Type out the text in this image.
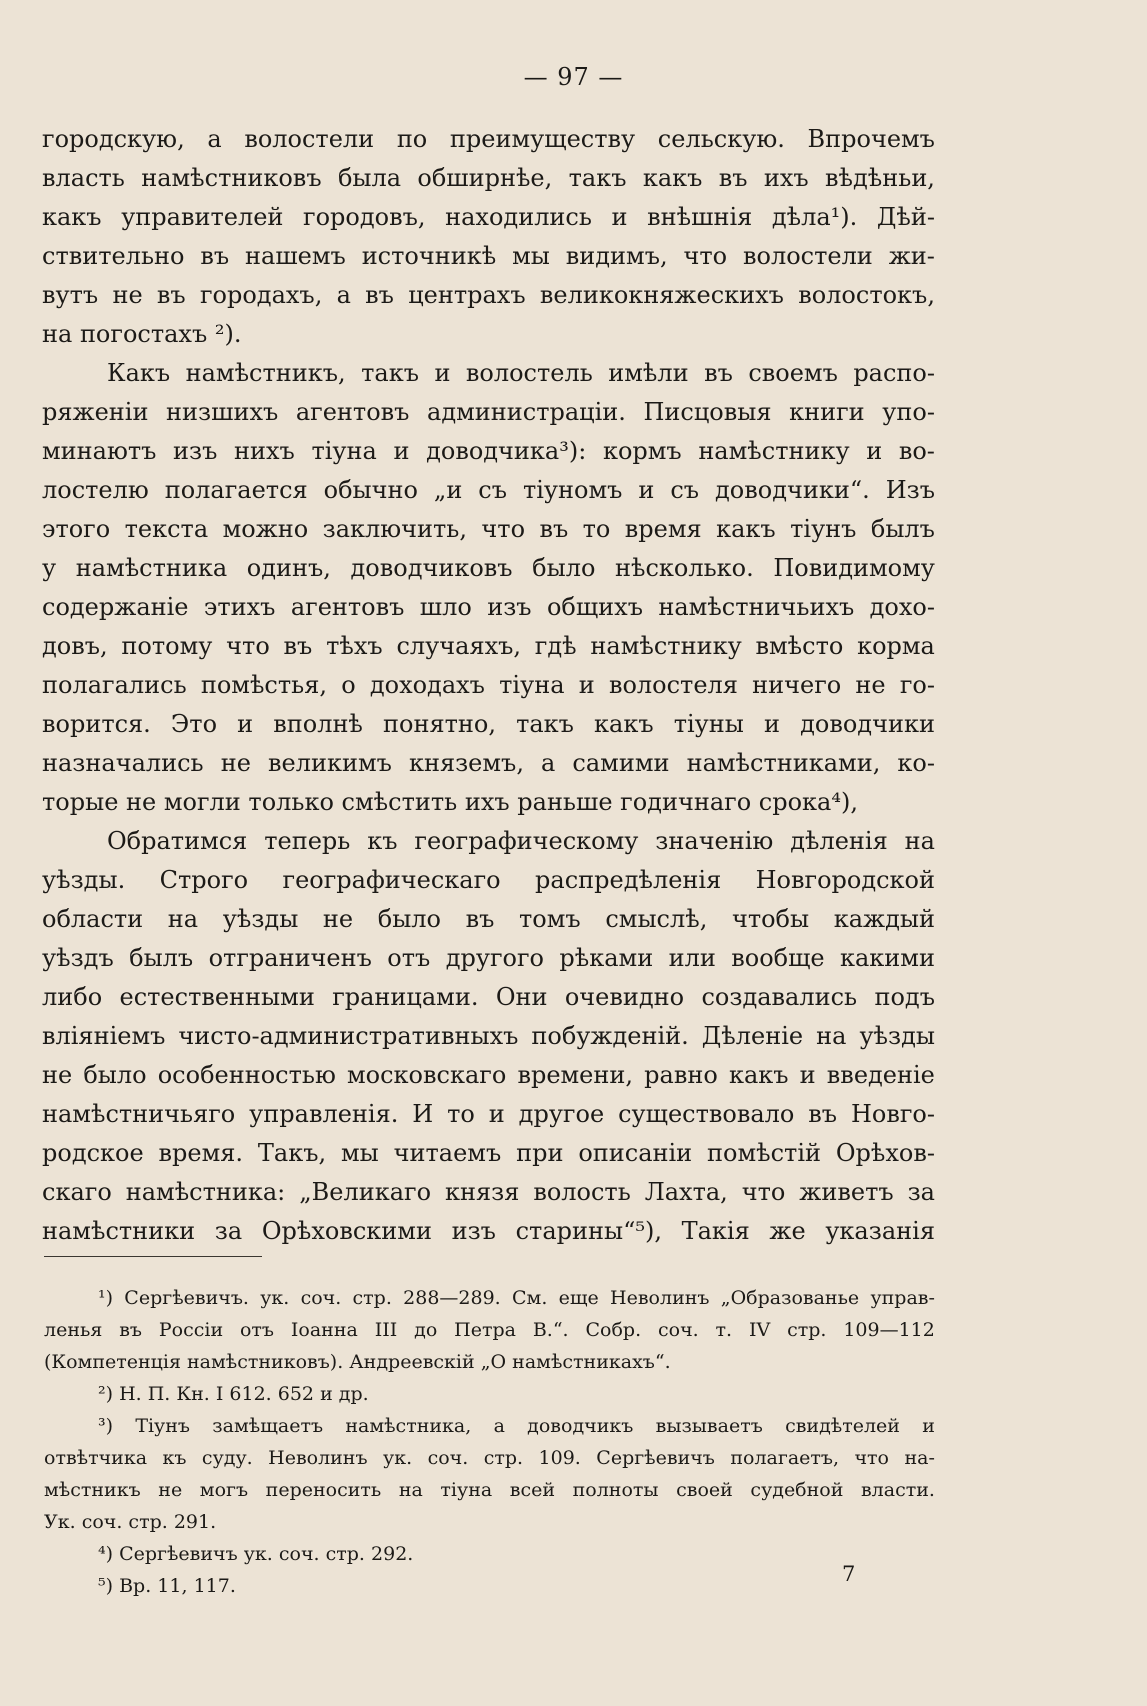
— 97 —
городскую, а волостели по преимуществу сельскую. Впрочемъ
власть намѣстниковъ была обширнѣе, такъ какъ въ ихъ вѣдѣньи,
какъ управителей городовъ, находились и внѣшнія дѣла¹). Дѣй-
ствительно въ нашемъ источникѣ мы видимъ, что волостели жи-
вутъ не въ городахъ, а въ центрахъ великокняжескихъ волостокъ,
на погостахъ ²).
Какъ намѣстникъ, такъ и волостель имѣли въ своемъ распо-
ряженіи низшихъ агентовъ администраціи. Писцовыя книги упо-
минаютъ изъ нихъ тіуна и доводчика³): кормъ намѣстнику и во-
лостелю полагается обычно „и съ тіуномъ и съ доводчики“. Изъ
этого текста можно заключить, что въ то время какъ тіунъ былъ
у намѣстника одинъ, доводчиковъ было нѣсколько. Повидимому
содержаніе этихъ агентовъ шло изъ общихъ намѣстничьихъ дохо-
довъ, потому что въ тѣхъ случаяхъ, гдѣ намѣстнику вмѣсто корма
полагались помѣстья, о доходахъ тіуна и волостеля ничего не го-
ворится. Это и вполнѣ понятно, такъ какъ тіуны и доводчики
назначались не великимъ княземъ, а самими намѣстниками, ко-
торые не могли только смѣстить ихъ раньше годичнаго срока⁴),
Обратимся теперь къ географическому значенію дѣленія на
уѣзды. Строго географическаго распредѣленія Новгородской
области на уѣзды не было въ томъ смыслѣ, чтобы каждый
уѣздъ былъ отграниченъ отъ другого рѣками или вообще какими
либо естественными границами. Они очевидно создавались подъ
вліяніемъ чисто-административныхъ побужденій. Дѣленіе на уѣзды
не было особенностью московскаго времени, равно какъ и введеніе
намѣстничьяго управленія. И то и другое существовало въ Новго-
родское время. Такъ, мы читаемъ при описаніи помѣстій Орѣхов-
скаго намѣстника: „Великаго князя волость Лахта, что живетъ за
намѣстники за Орѣховскими изъ старины“⁵), Такія же указанія
¹) Сергѣевичъ. ук. соч. стр. 288—289. См. еще Неволинъ „Образованье управ-
ленья въ Россіи отъ Іоанна III до Петра В.“. Собр. соч. т. IV стр. 109—112
(Компетенція намѣстниковъ). Андреевскій „О намѣстникахъ“.
²) Н. П. Кн. I 612. 652 и др.
³) Тіунъ замѣщаетъ намѣстника, а доводчикъ вызываетъ свидѣтелей и
отвѣтчика къ суду. Неволинъ ук. соч. стр. 109. Сергѣевичъ полагаетъ, что на-
мѣстникъ не могъ переносить на тіуна всей полноты своей судебной власти.
Ук. соч. стр. 291.
⁴) Сергѣевичъ ук. соч. стр. 292.
⁵) Вр. 11, 117.	7
